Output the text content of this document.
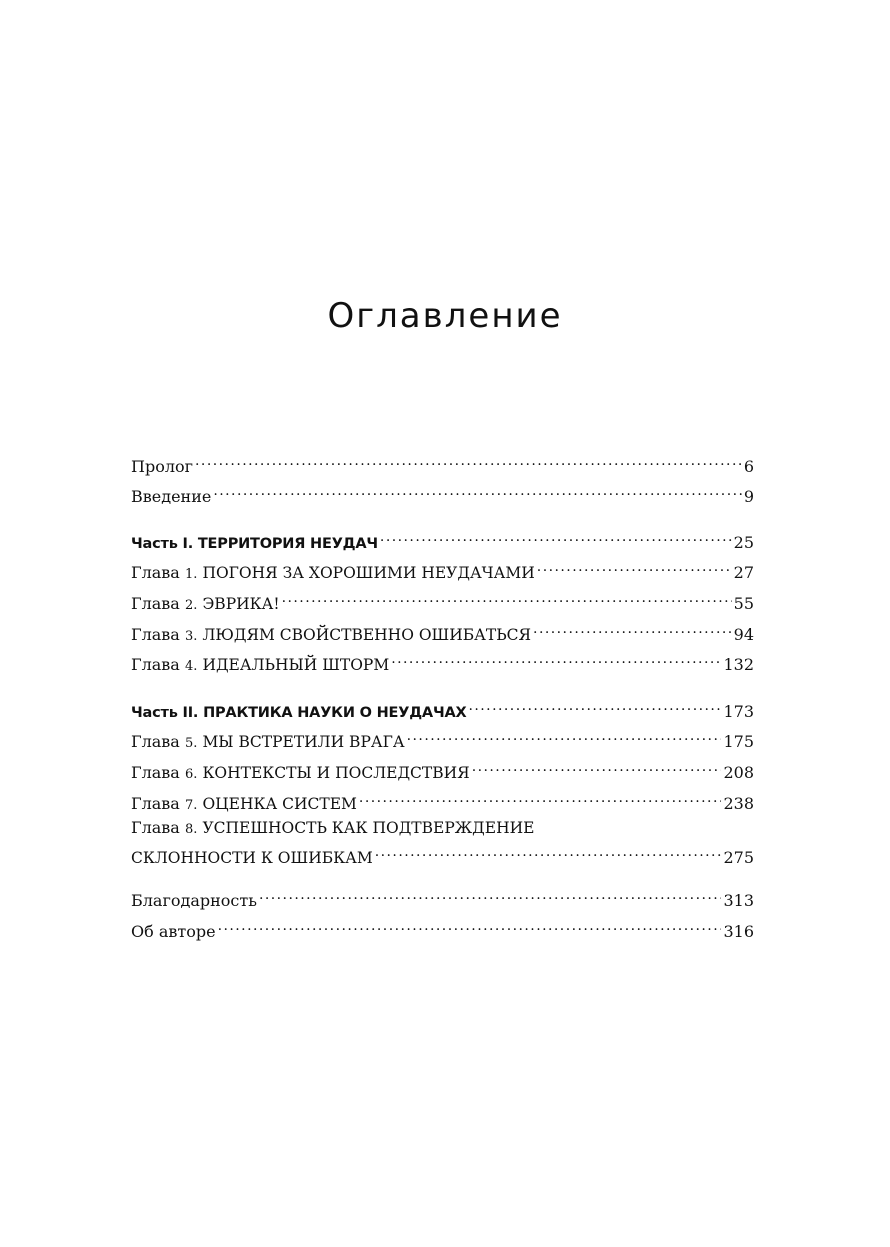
Оглавление
Пролог . . .	6
Введение . . .	9
Часть I. ТЕРРИТОРИЯ НЕУДАЧ . . .	25
Глава 1. ПОГОНЯ ЗА ХОРОШИМИ НЕУДАЧАМИ . . .	27
Глава 2. ЭВРИКА! . . .	55
Глава 3. ЛЮДЯМ СВОЙСТВЕННО ОШИБАТЬСЯ . . .	94
Глава 4. ИДЕАЛЬНЫЙ ШТОРМ . . .	132
Часть II. ПРАКТИКА НАУКИ О НЕУДАЧАХ . . .	173
Глава 5. МЫ ВСТРЕТИЛИ ВРАГА . . .	175
Глава 6. КОНТЕКСТЫ И ПОСЛЕДСТВИЯ . . .	208
Глава 7. ОЦЕНКА СИСТЕМ . . .	238
Глава 8. УСПЕШНОСТЬ КАК ПОДТВЕРЖДЕНИЕ
СКЛОННОСТИ К ОШИБКАМ . . .	275
Благодарность . . .	313
Об авторе . . .	316
